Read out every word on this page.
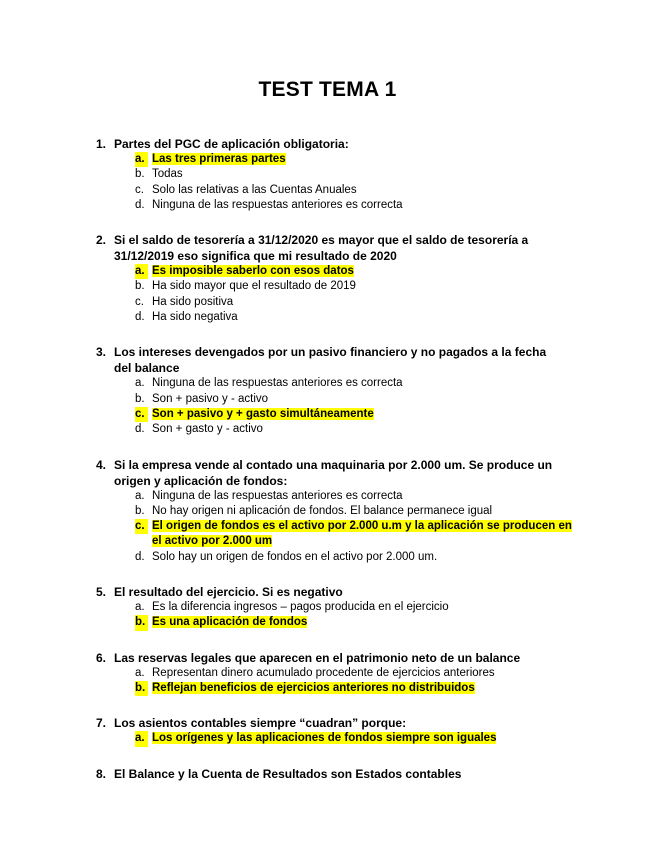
TEST TEMA 1
1. Partes del PGC de aplicación obligatoria:
a. Las tres primeras partes
b. Todas
c. Solo las relativas a las Cuentas Anuales
d. Ninguna de las respuestas anteriores es correcta
2. Si el saldo de tesorería a 31/12/2020 es mayor que el saldo de tesorería a 31/12/2019 eso significa que mi resultado de 2020
a. Es imposible saberlo con esos datos
b. Ha sido mayor que el resultado de 2019
c. Ha sido positiva
d. Ha sido negativa
3. Los intereses devengados por un pasivo financiero y no pagados a la fecha del balance
a. Ninguna de las respuestas anteriores es correcta
b. Son + pasivo y - activo
c. Son + pasivo y + gasto simultáneamente
d. Son + gasto y - activo
4. Si la empresa vende al contado una maquinaria por 2.000 um. Se produce un origen y aplicación de fondos:
a. Ninguna de las respuestas anteriores es correcta
b. No hay origen ni aplicación de fondos. El balance permanece igual
c. El origen de fondos es el activo por 2.000 u.m y la aplicación se producen en el activo por 2.000 um
d. Solo hay un origen de fondos en el activo por 2.000 um.
5. El resultado del ejercicio. Si es negativo
a. Es la diferencia ingresos – pagos producida en el ejercicio
b. Es una aplicación de fondos
6. Las reservas legales que aparecen en el patrimonio neto de un balance
a. Representan dinero acumulado procedente de ejercicios anteriores
b. Reflejan beneficios de ejercicios anteriores no distribuidos
7. Los asientos contables siempre “cuadran” porque:
a. Los orígenes y las aplicaciones de fondos siempre son iguales
8. El Balance y la Cuenta de Resultados son Estados contables
